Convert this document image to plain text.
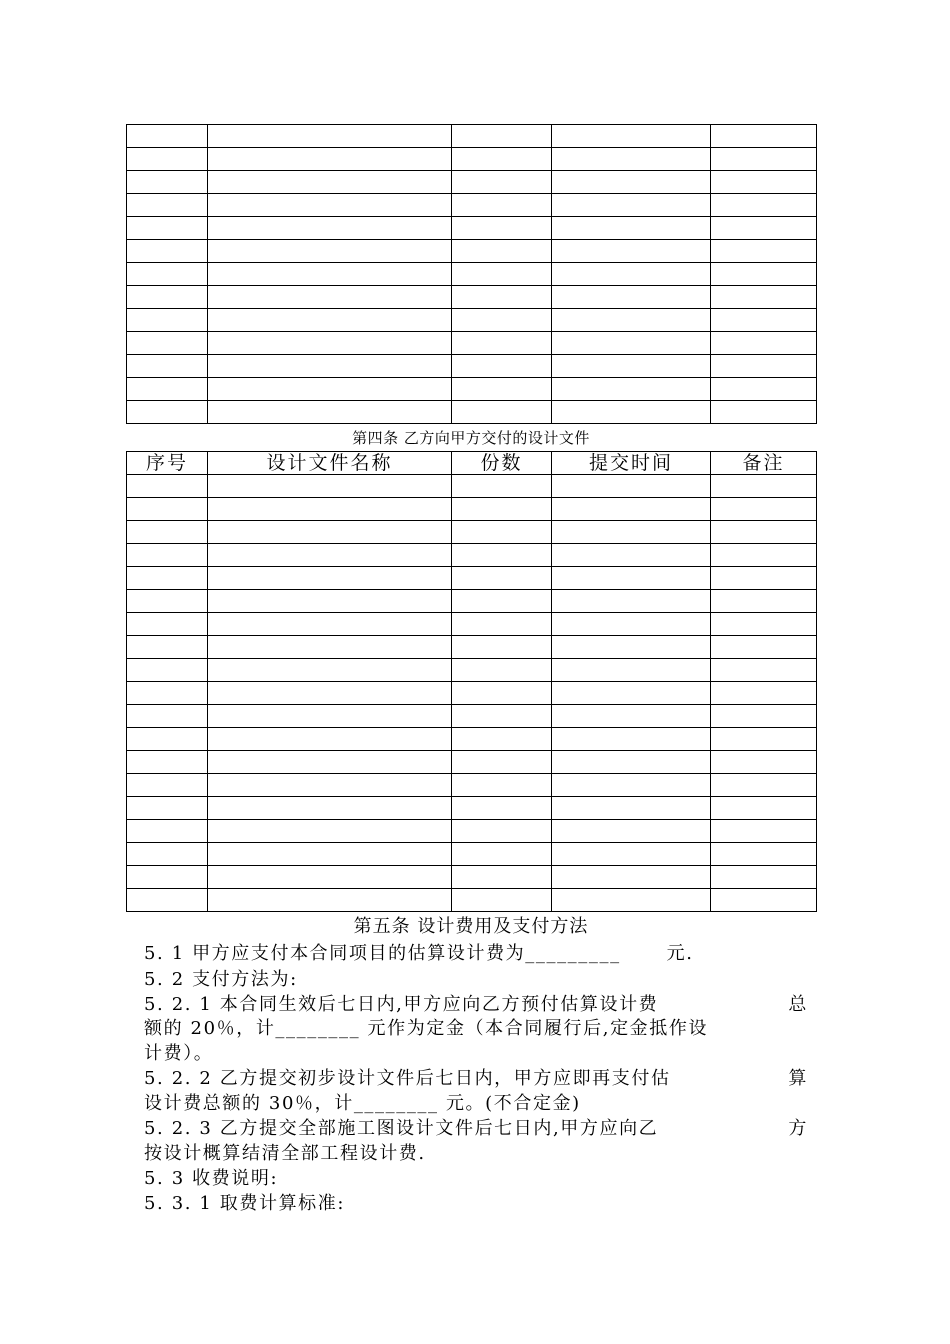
第四条 乙方向甲方交付的设计文件
序号	设计文件名称	份数	提交时间	备注

第五条 设计费用及支付方法
5. 1 甲方应支付本合同项目的估算设计费为_________	元.
5. 2 支付方法为:
5. 2. 1 本合同生效后七日内,甲方应向乙方预付估算设计费	总
额的 20％，计________ 元作为定金（本合同履行后,定金抵作设
计费）。
5. 2. 2 乙方提交初步设计文件后七日内，甲方应即再支付估	算
设计费总额的 30％，计________ 元。(不合定金)
5. 2. 3 乙方提交全部施工图设计文件后七日内,甲方应向乙	方
按设计概算结清全部工程设计费.
5. 3 收费说明:
5. 3. 1 取费计算标准:
